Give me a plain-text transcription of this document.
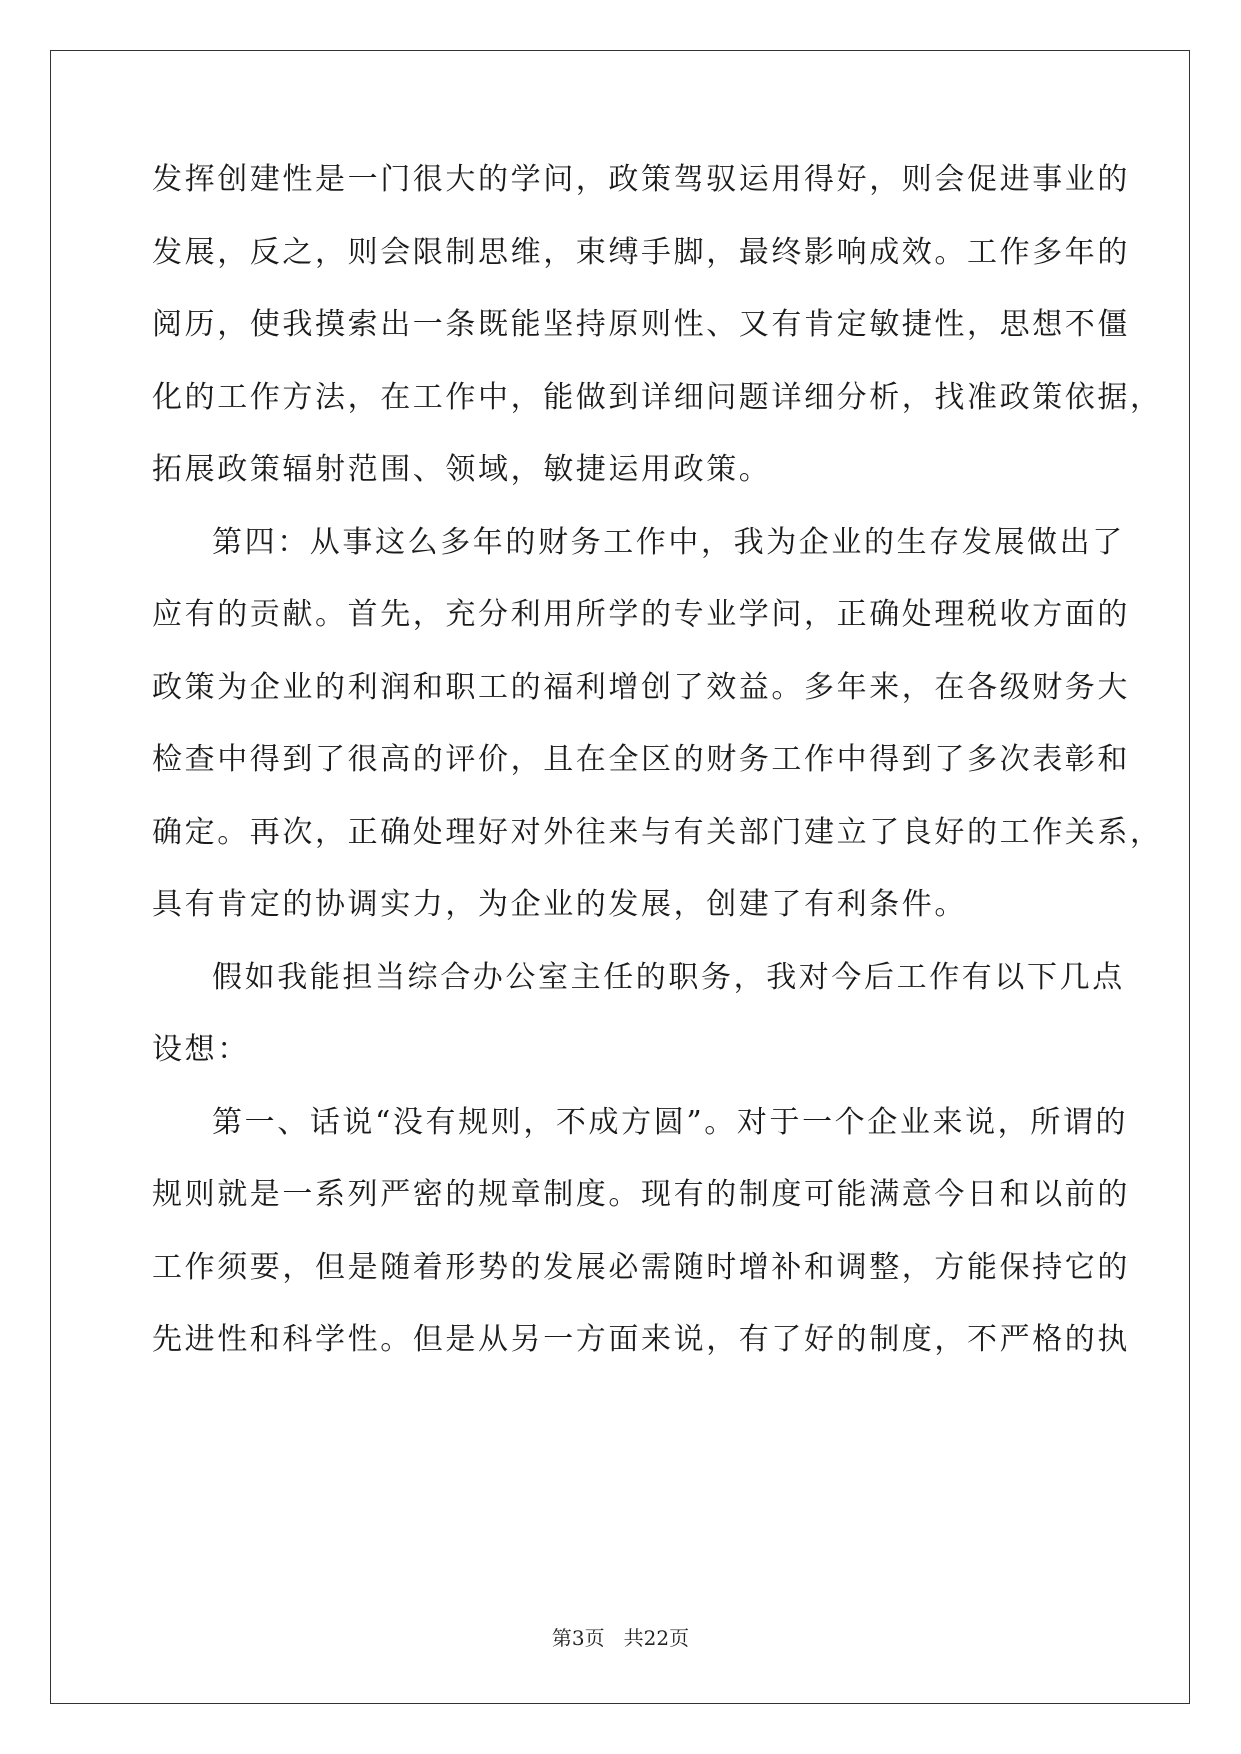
发挥创建性是一门很大的学问，政策驾驭运用得好，则会促进事业的
发展，反之，则会限制思维，束缚手脚，最终影响成效。工作多年的
阅历，使我摸索出一条既能坚持原则性、又有肯定敏捷性，思想不僵
化的工作方法，在工作中，能做到详细问题详细分析，找准政策依据，
拓展政策辐射范围、领域，敏捷运用政策。
第四：从事这么多年的财务工作中，我为企业的生存发展做出了
应有的贡献。首先，充分利用所学的专业学问，正确处理税收方面的
政策为企业的利润和职工的福利增创了效益。多年来，在各级财务大
检查中得到了很高的评价，且在全区的财务工作中得到了多次表彰和
确定。再次，正确处理好对外往来与有关部门建立了良好的工作关系，
具有肯定的协调实力，为企业的发展，创建了有利条件。
假如我能担当综合办公室主任的职务，我对今后工作有以下几点
设想：
第一、话说“没有规则，不成方圆”。对于一个企业来说，所谓的
规则就是一系列严密的规章制度。现有的制度可能满意今日和以前的
工作须要，但是随着形势的发展必需随时增补和调整，方能保持它的
先进性和科学性。但是从另一方面来说，有了好的制度，不严格的执
第3页   共22页
